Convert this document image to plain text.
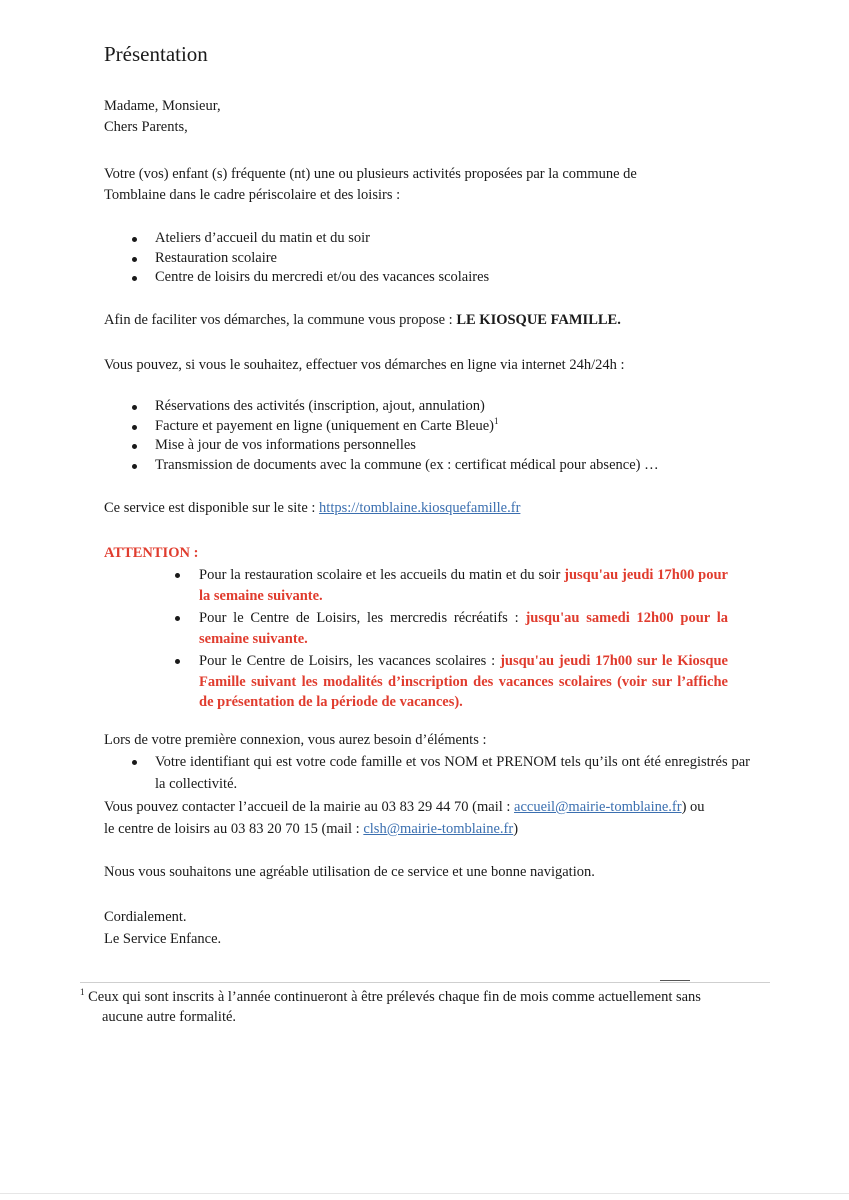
Présentation

Madame, Monsieur,
Chers Parents,

Votre (vos) enfant (s) fréquente (nt) une ou plusieurs activités proposées par la commune de
Tomblaine dans le cadre périscolaire et des loisirs :

Ateliers d’accueil du matin et du soir
Restauration scolaire
Centre de loisirs du mercredi et/ou des vacances scolaires

Afin de faciliter vos démarches, la commune vous propose : LE KIOSQUE FAMILLE.

Vous pouvez, si vous le souhaitez, effectuer vos démarches en ligne via internet 24h/24h :

Réservations des activités (inscription, ajout, annulation)
Facture et payement en ligne (uniquement en Carte Bleue)$^1$
Mise à jour de vos informations personnelles
Transmission de documents avec la commune (ex : certificat médical pour absence) …

Ce service est disponible sur le site : https://tomblaine.kiosquefamille.fr

ATTENTION :

Pour la restauration scolaire et les accueils du matin et du soir jusqu'au jeudi 17h00 pour la semaine suivante.
Pour le Centre de Loisirs, les mercredis récréatifs : jusqu'au samedi 12h00 pour la semaine suivante.
Pour le Centre de Loisirs, les vacances scolaires : jusqu'au jeudi 17h00 sur le Kiosque Famille suivant les modalités d’inscription des vacances scolaires (voir sur l’affiche de présentation de la période de vacances).

Lors de votre première connexion, vous aurez besoin d’éléments :

Votre identifiant qui est votre code famille et vos NOM et PRENOM tels qu’ils ont été enregistrés par la collectivité.

Vous pouvez contacter l’accueil de la mairie au 03 83 29 44 70 (mail : accueil@mairie-tomblaine.fr) ou
le centre de loisirs au 03 83 20 70 15 (mail : clsh@mairie-tomblaine.fr)

Nous vous souhaitons une agréable utilisation de ce service et une bonne navigation.

Cordialement.
Le Service Enfance.

$^1$ Ceux qui sont inscrits à l’année continueront à être prélevés chaque fin de mois comme actuellement sans
aucune autre formalité.
